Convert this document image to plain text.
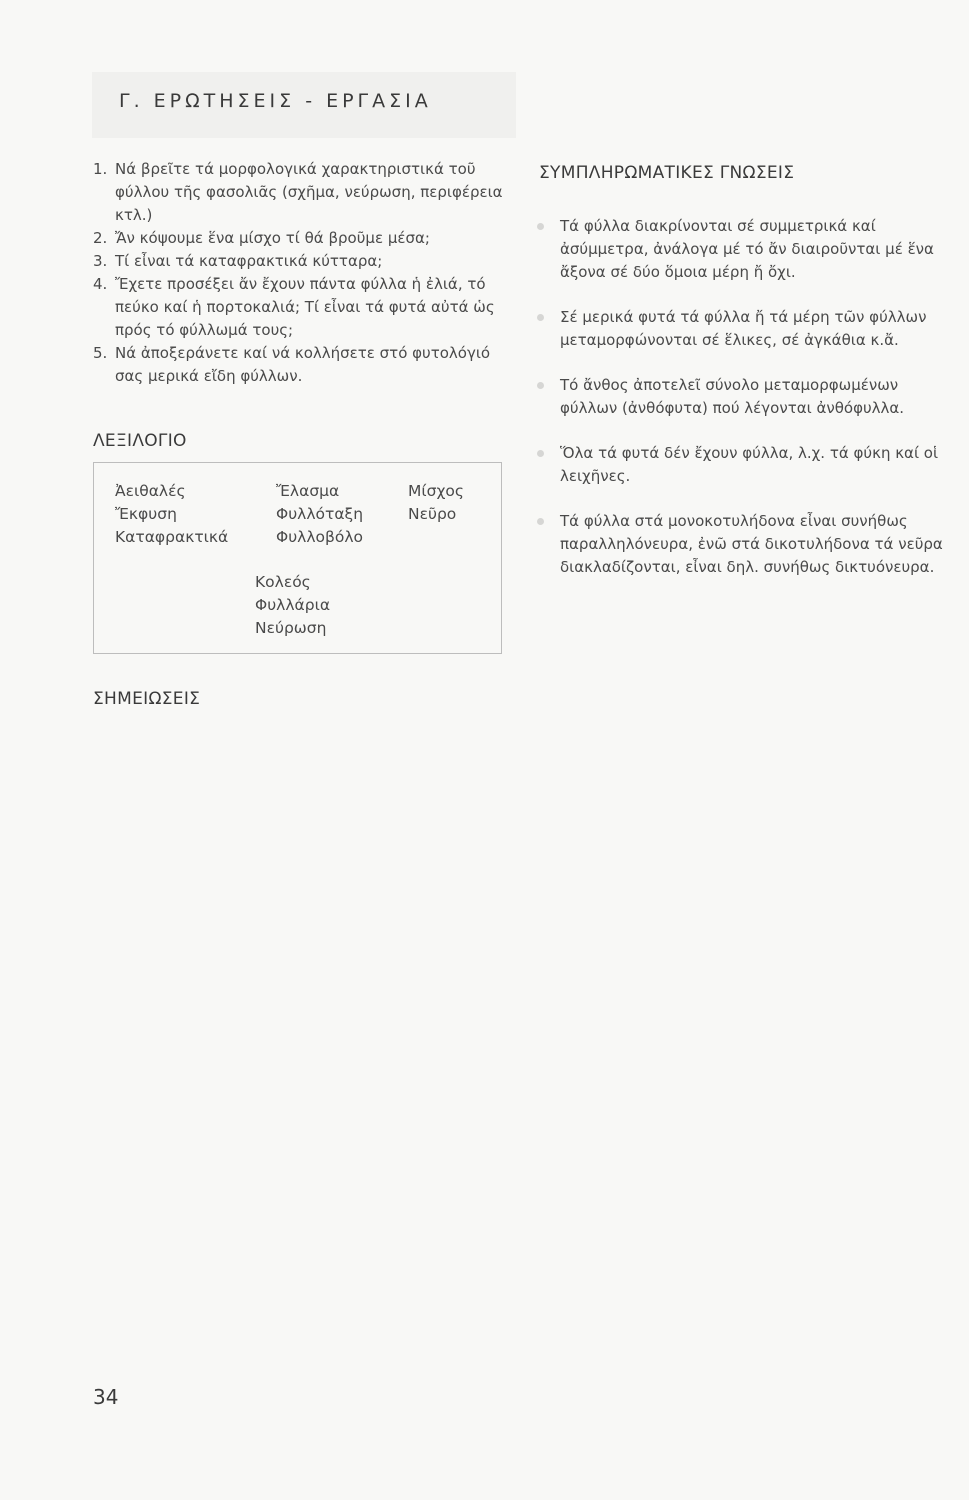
Γ. ΕΡΩΤΗΣΕΙΣ - ΕΡΓΑΣΙΑ
1. Νά βρεῖτε τά μορφολογικά χαρακτηριστικά τοῦ φύλλου τῆς φασολιᾶς (σχῆμα, νεύρωση, περιφέρεια κτλ.)
2. Ἄν κόψουμε ἕνα μίσχο τί θά βροῦμε μέσα;
3. Τί εἶναι τά καταφρακτικά κύτταρα;
4. Ἔχετε προσέξει ἄν ἔχουν πάντα φύλλα ἡ ἐλιά, τό πεύκο καί ἡ πορτοκαλιά; Τί εἶναι τά φυτά αὐτά ὡς πρός τό φύλλωμά τους;
5. Νά ἀποξεράνετε καί νά κολλήσετε στό φυτολόγιό σας μερικά εἴδη φύλλων.
ΛΕΞΙΛΟΓΙΟ
Ἀειθαλές
Ἔκφυση
Καταφρακτικά
Ἔλασμα
Φυλλόταξη
Φυλλοβόλο
Μίσχος
Νεῦρο
Κολεός
Φυλλάρια
Νεύρωση
ΣΗΜΕΙΩΣΕΙΣ
ΣΥΜΠΛΗΡΩΜΑΤΙΚΕΣ ΓΝΩΣΕΙΣ
Τά φύλλα διακρίνονται σέ συμμετρικά καί ἀσύμμετρα, ἀνάλογα μέ τό ἄν διαιροῦνται μέ ἕνα ἄξονα σέ δύο ὅμοια μέρη ἤ ὄχι.
Σέ μερικά φυτά τά φύλλα ἤ τά μέρη τῶν φύλλων μεταμορφώνονται σέ ἕλικες, σέ ἀγκάθια κ.ἄ.
Τό ἄνθος ἀποτελεῖ σύνολο μεταμορφωμένων φύλλων (ἀνθόφυτα) πού λέγονται ἀνθόφυλλα.
Ὅλα τά φυτά δέν ἔχουν φύλλα, λ.χ. τά φύκη καί οἱ λειχῆνες.
Τά φύλλα στά μονοκοτυλήδονα εἶναι συνήθως παραλληλόνευρα, ἐνῶ στά δικοτυλήδονα τά νεῦρα διακλαδίζονται, εἶναι δηλ. συνήθως δικτυόνευρα.
34
